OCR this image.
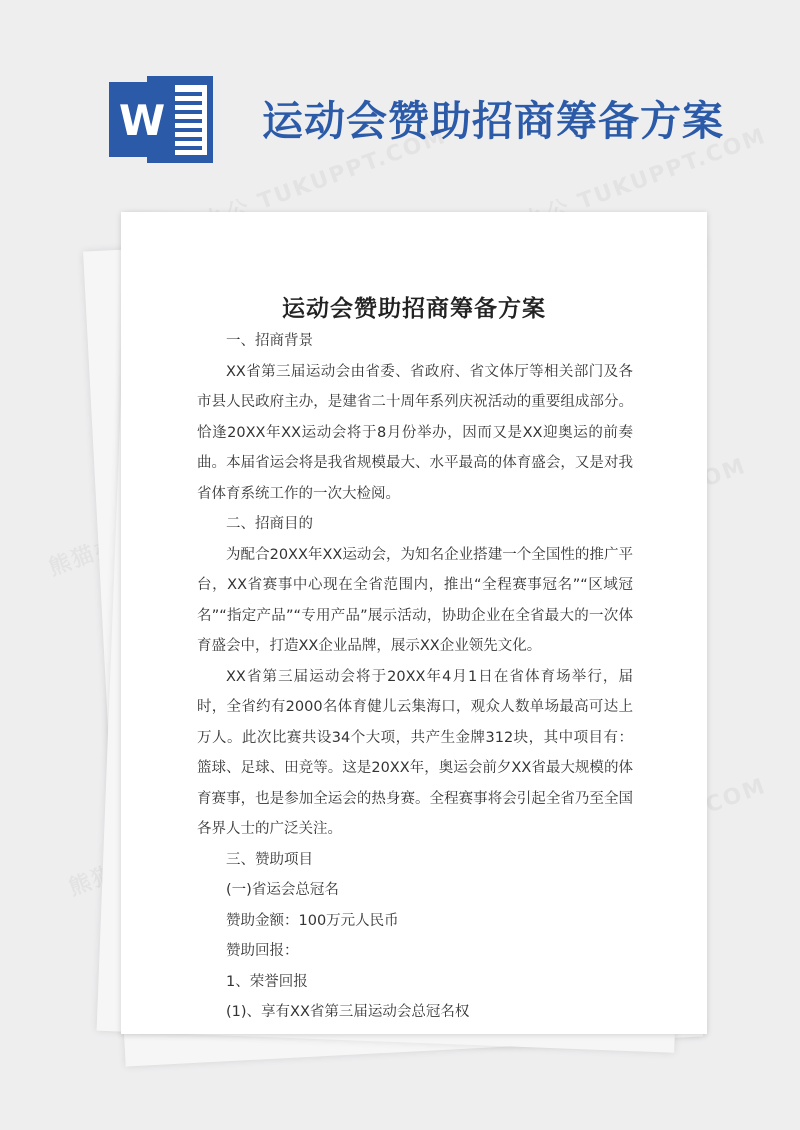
W 运动会赞助招商筹备方案
运动会赞助招商筹备方案

一、招商背景

XX省第三届运动会由省委、省政府、省文体厅等相关部门及各市县人民政府主办，是建省二十周年系列庆祝活动的重要组成部分。恰逢20XX年XX运动会将于8月份举办，因而又是XX迎奥运的前奏曲。本届省运会将是我省规模最大、水平最高的体育盛会，又是对我省体育系统工作的一次大检阅。

二、招商目的

为配合20XX年XX运动会，为知名企业搭建一个全国性的推广平台，XX省赛事中心现在全省范围内，推出“全程赛事冠名”“区域冠名”“指定产品”“专用产品”展示活动，协助企业在全省最大的一次体育盛会中，打造XX企业品牌，展示XX企业领先文化。

XX省第三届运动会将于20XX年4月1日在省体育场举行，届时，全省约有2000名体育健儿云集海口，观众人数单场最高可达上万人。此次比赛共设34个大项，共产生金牌312块，其中项目有：篮球、足球、田竞等。这是20XX年，奥运会前夕XX省最大规模的体育赛事，也是参加全运会的热身赛。全程赛事将会引起全省乃至全国各界人士的广泛关注。

三、赞助项目

(一)省运会总冠名

赞助金额：100万元人民币

赞助回报：

1、荣誉回报

(1)、享有XX省第三届运动会总冠名权
